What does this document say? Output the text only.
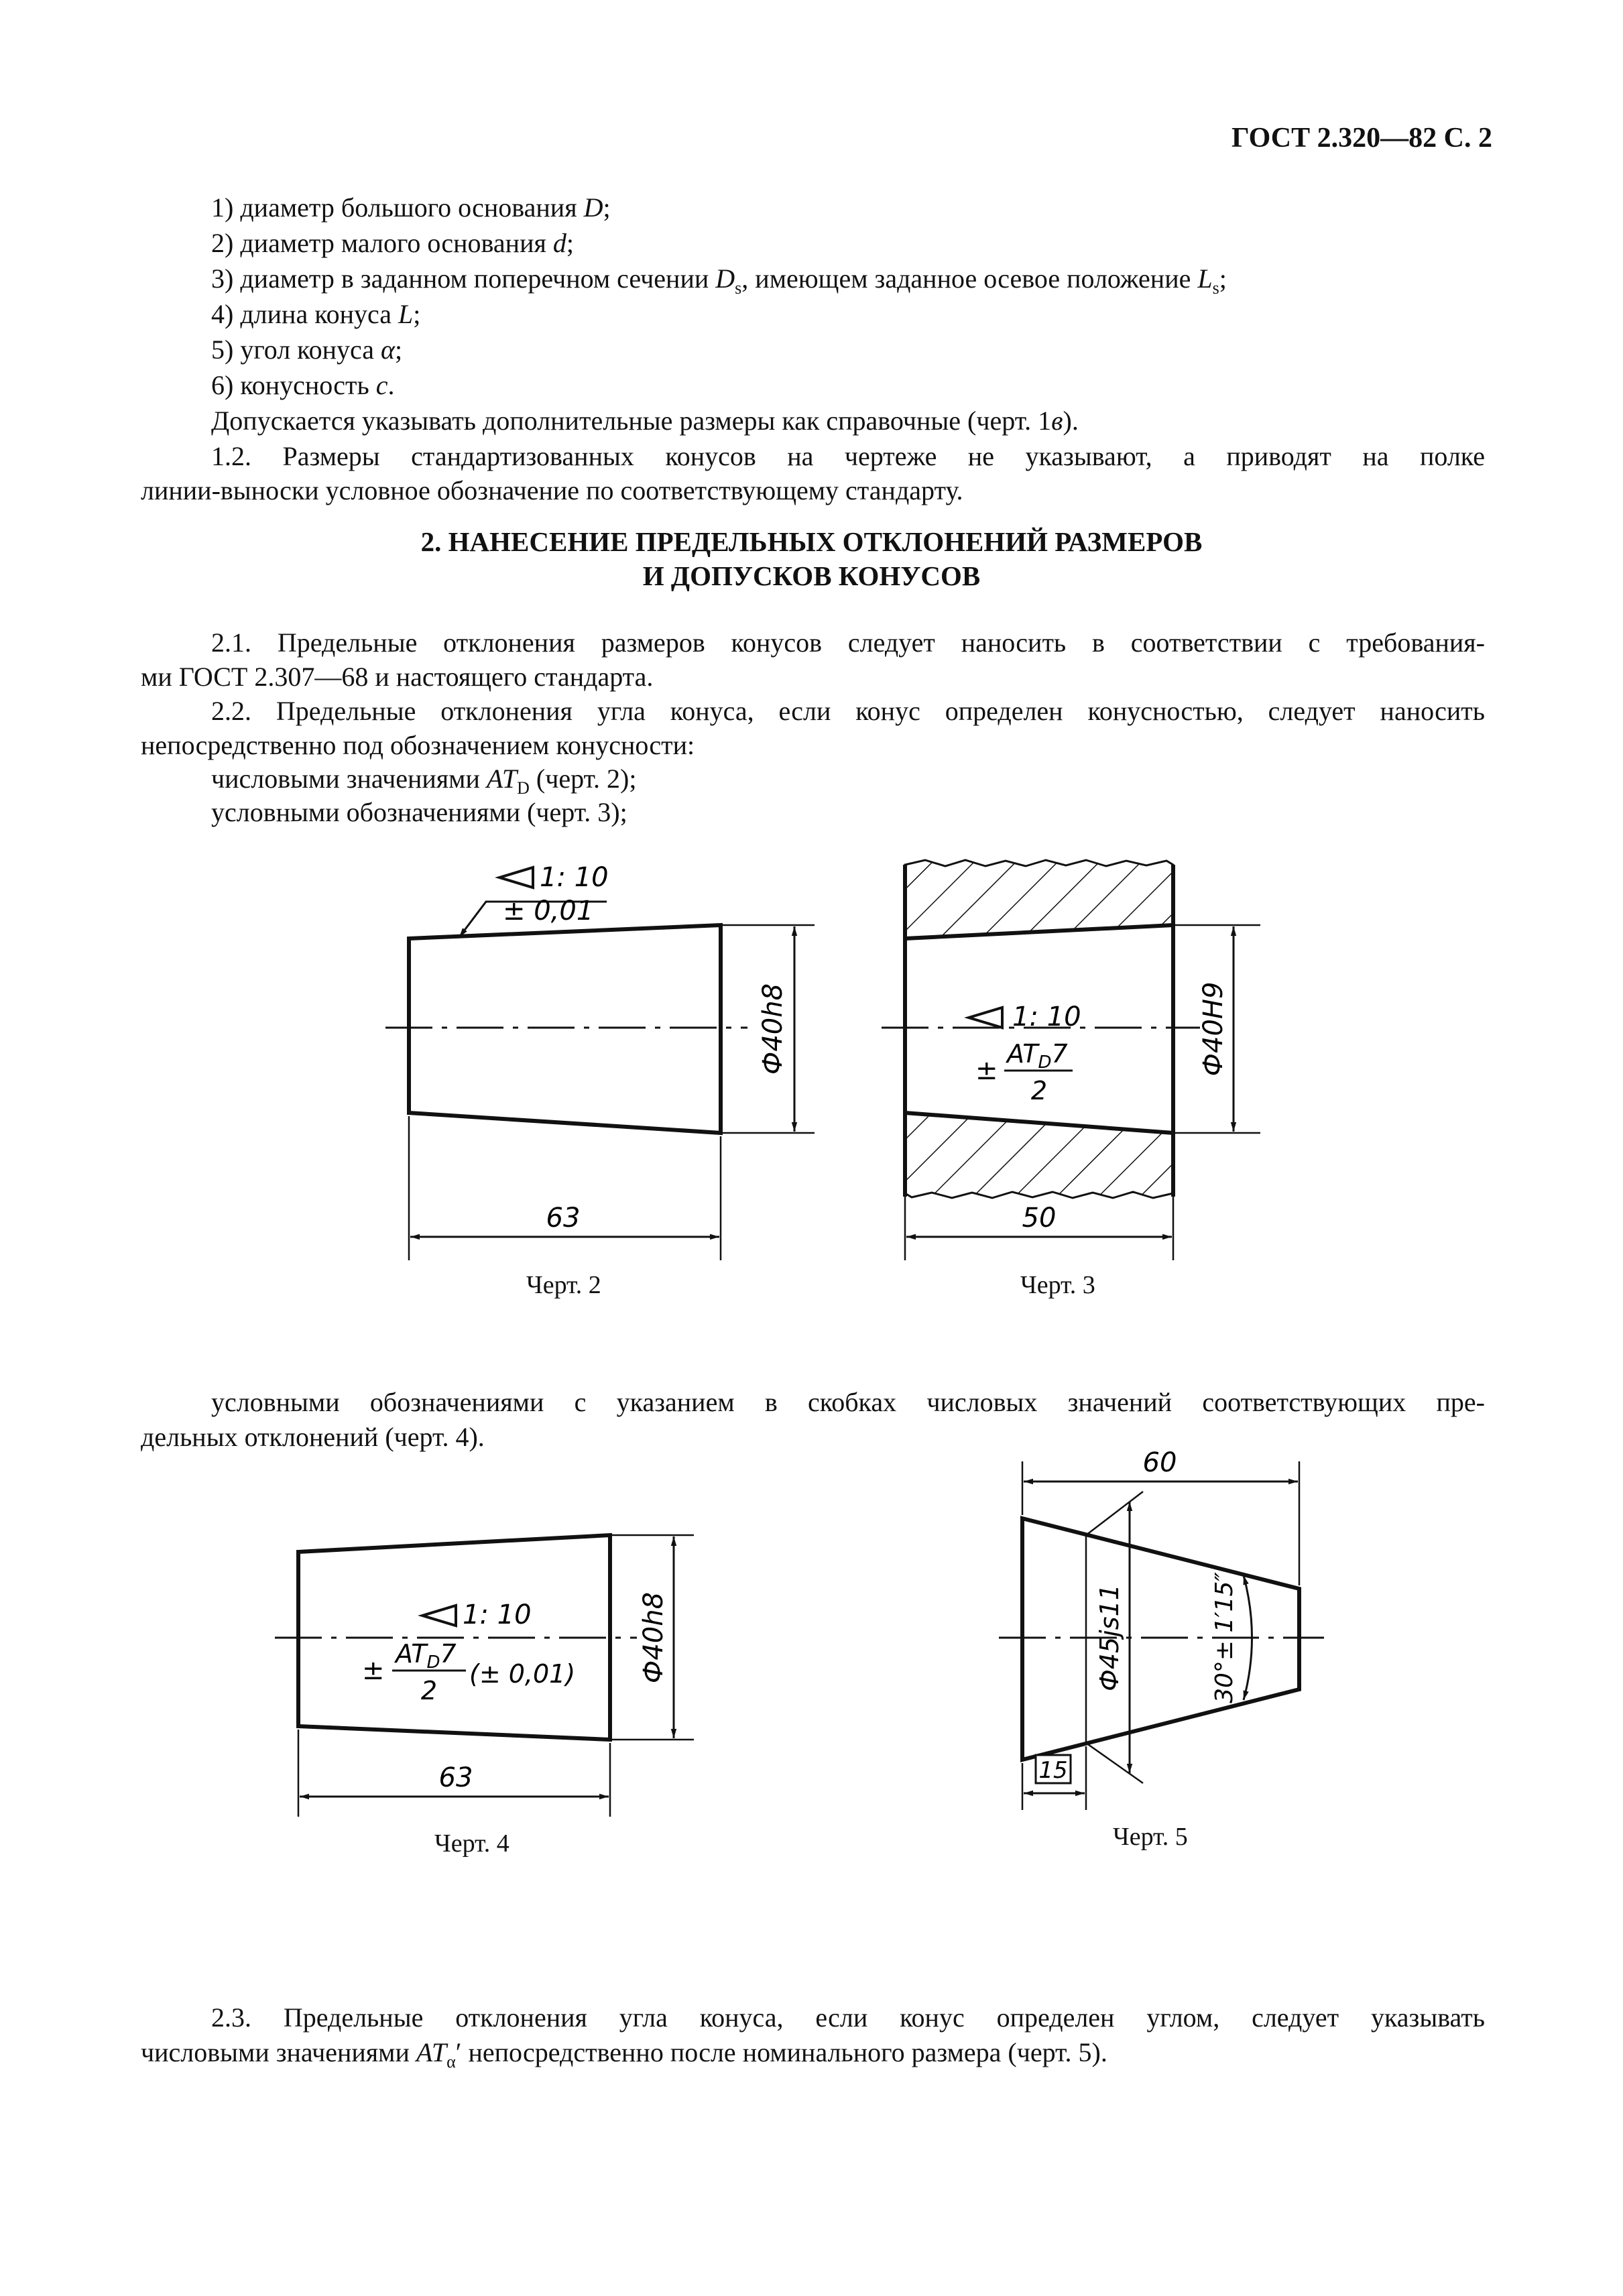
ГОСТ 2.320—82 С. 2
1) диаметр большого основания D;
2) диаметр малого основания d;
3) диаметр в заданном поперечном сечении $D_s$, имеющем заданное осевое положение $L_s$;
4) длина конуса L;
5) угол конуса α;
6) конусность c.
Допускается указывать дополнительные размеры как справочные (черт. 1в).
1.2. Размеры стандартизованных конусов на чертеже не указывают, а приводят на полке
линии-выноски условное обозначение по соответствующему стандарту.
2. НАНЕСЕНИЕ ПРЕДЕЛЬНЫХ ОТКЛОНЕНИЙ РАЗМЕРОВ
И ДОПУСКОВ КОНУСОВ
2.1. Предельные отклонения размеров конусов следует наносить в соответствии с требования-
ми ГОСТ 2.307—68 и настоящего стандарта.
2.2. Предельные отклонения угла конуса, если конус определен конусностью, следует наносить
непосредственно под обозначением конусности:
числовыми значениями $AT_D$ (черт. 2);
условными обозначениями (черт. 3);
1: 10
± 0,01
Ф40h8
63
1: 10
±
$AT_D7$
2
Ф40H9
50
1: 10
±
$AT_D7$
2
(± 0,01) Ф40h8
63
60
Ф45js11	30°± 1′15″
15
Черт. 2	Черт. 3
условными обозначениями с указанием в скобках числовых значений соответствующих пре-
дельных отклонений (черт. 4).
Черт. 4	Черт. 5
2.3. Предельные отклонения угла конуса, если конус определен углом, следует указывать
числовыми значениями $AT_\alpha'$ непосредственно после номинального размера (черт. 5).
